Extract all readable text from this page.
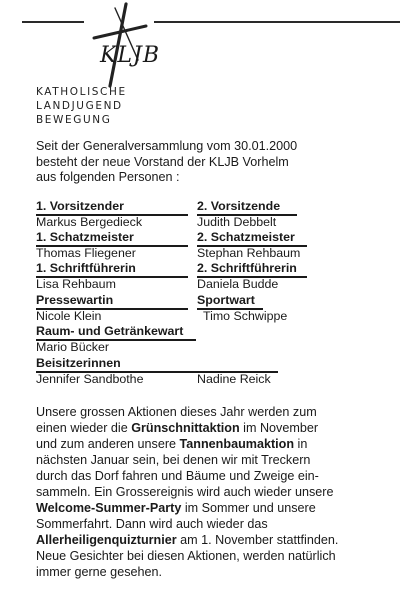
KLJB
KATHOLISCHE
LANDJUGEND
BEWEGUNG
Seit der Generalversammlung vom 30.01.2000
besteht der neue Vorstand der KLJB Vorhelm
aus folgenden Personen :
1. Vorsitzender	2. Vorsitzende
Markus Bergedieck	Judith Debbelt
1. Schatzmeister	2. Schatzmeister
Thomas Fliegener	Stephan Rehbaum
1. Schriftführerin	2. Schriftführerin
Lisa Rehbaum	Daniela Budde
Pressewartin	Sportwart
Nicole Klein	Timo Schwippe
Raum- und Getränkewart
Mario Bücker
Beisitzerinnen
Jennifer Sandbothe	Nadine Reick
Unsere grossen Aktionen dieses Jahr werden zum
einen wieder die Grünschnittaktion im November
und zum anderen unsere Tannenbaumaktion in
nächsten Januar sein, bei denen wir mit Treckern
durch das Dorf fahren und Bäume und Zweige ein-
sammeln. Ein Grossereignis wird auch wieder unsere
Welcome-Summer-Party im Sommer und unsere
Sommerfahrt. Dann wird auch wieder das
Allerheiligenquizturnier am 1. November stattfinden.
Neue Gesichter bei diesen Aktionen, werden natürlich
immer gerne gesehen.
